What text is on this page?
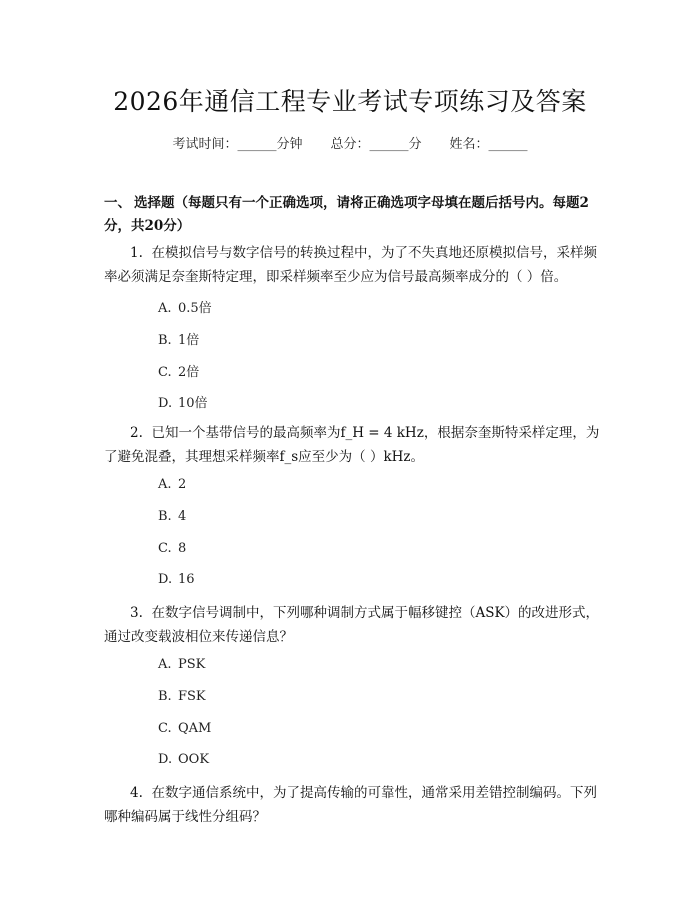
2026年通信工程专业考试专项练习及答案
考试时间：______分钟 总分：______分 姓名：______
一、 选择题（每题只有一个正确选项，请将正确选项字母填在题后括号内。每题2分，共20分）
1.  在模拟信号与数字信号的转换过程中，为了不失真地还原模拟信号，采样频率必须满足奈奎斯特定理，即采样频率至少应为信号最高频率成分的（ ）倍。
A. 0.5倍
B. 1倍
C. 2倍
D. 10倍
2.  已知一个基带信号的最高频率为f_H = 4 kHz，根据奈奎斯特采样定理，为了避免混叠，其理想采样频率f_s应至少为（ ）kHz。
A. 2
B. 4
C. 8
D. 16
3.  在数字信号调制中，下列哪种调制方式属于幅移键控（ASK）的改进形式，通过改变载波相位来传递信息？
A. PSK
B. FSK
C. QAM
D. OOK
4.  在数字通信系统中，为了提高传输的可靠性，通常采用差错控制编码。下列哪种编码属于线性分组码？
